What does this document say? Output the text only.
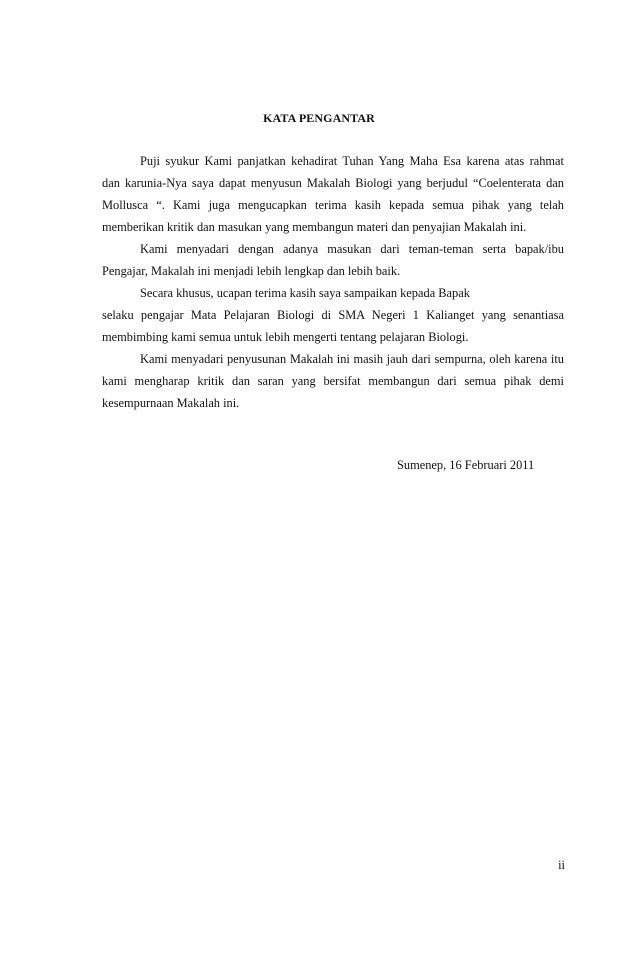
KATA PENGANTAR
Puji syukur Kami panjatkan kehadirat Tuhan Yang Maha Esa karena atas rahmat
dan karunia-Nya saya dapat menyusun Makalah Biologi yang berjudul “Coelenterata dan
Mollusca “. Kami juga mengucapkan terima kasih kepada semua pihak yang telah
memberikan kritik dan masukan yang membangun materi dan penyajian Makalah ini.
Kami menyadari dengan adanya masukan dari teman-teman serta bapak/ibu
Pengajar, Makalah ini menjadi lebih lengkap dan lebih baik.
Secara khusus, ucapan terima kasih saya sampaikan kepada Bapak
selaku pengajar Mata Pelajaran Biologi di SMA Negeri 1 Kalianget yang senantiasa
membimbing kami semua untuk lebih mengerti tentang pelajaran Biologi.
Kami menyadari penyusunan Makalah ini masih jauh dari sempurna, oleh karena itu
kami mengharap kritik dan saran yang bersifat membangun dari semua pihak demi
kesempurnaan Makalah ini.
Sumenep, 16 Februari 2011
ii
